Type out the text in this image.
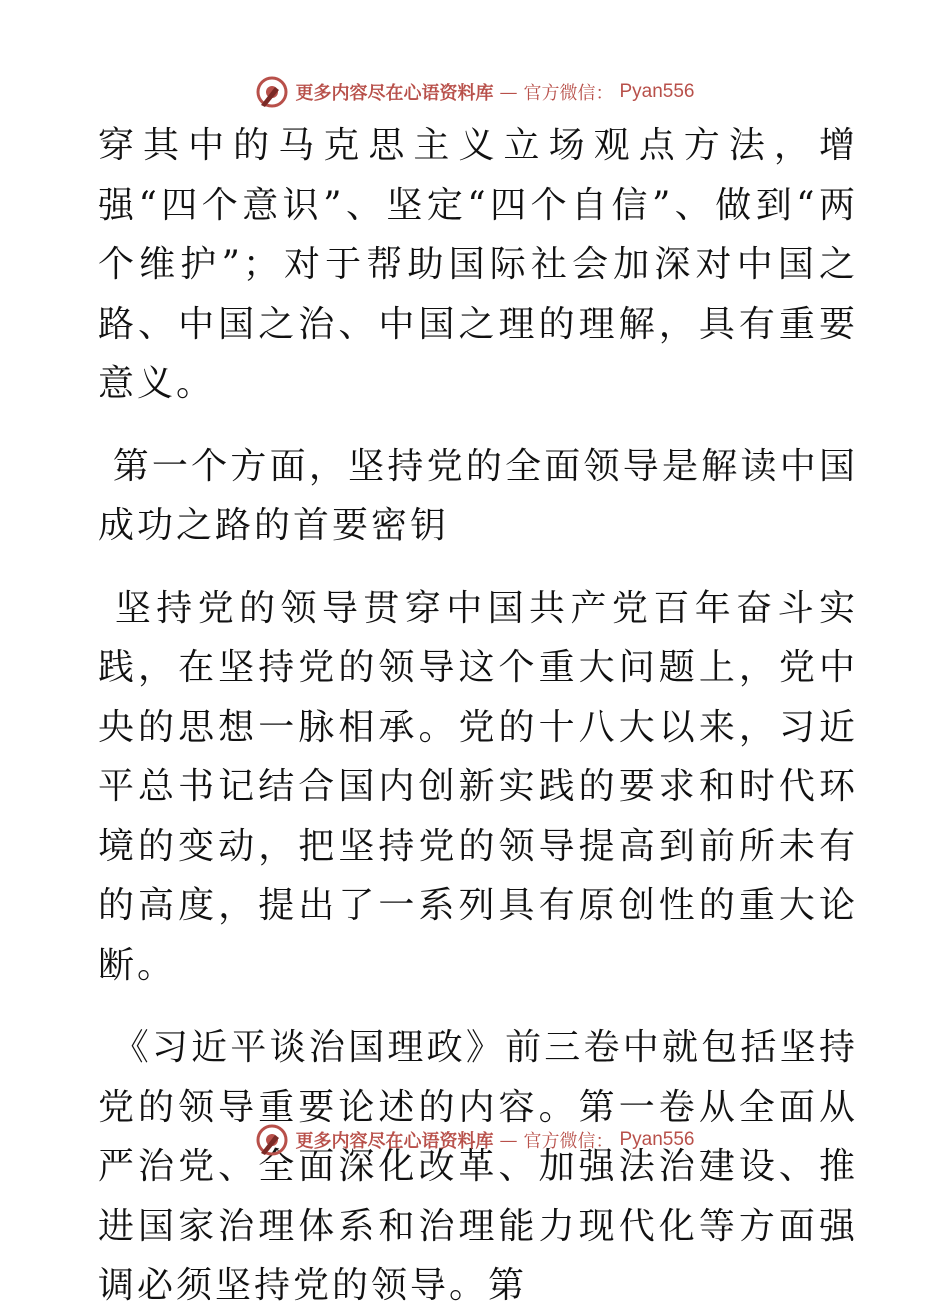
更多内容尽在心语资料库 — 官方微信： Pyan556

穿其中的马克思主义立场观点方法，增强“四个意识”、坚定“四个自信”、做到“两个维护”；对于帮助国际社会加深对中国之路、中国之治、中国之理的理解，具有重要意义。

第一个方面，坚持党的全面领导是解读中国成功之路的首要密钥

坚持党的领导贯穿中国共产党百年奋斗实践，在坚持党的领导这个重大问题上，党中央的思想一脉相承。党的十八大以来，习近平总书记结合国内创新实践的要求和时代环境的变动，把坚持党的领导提高到前所未有的高度，提出了一系列具有原创性的重大论断。

《习近平谈治国理政》前三卷中就包括坚持党的领导重要论述的内容。第一卷从全面从严治党、全面深化改革、加强法治建设、推进国家治理体系和治理能力现代化等方面强调必须坚持党的领导。第

更多内容尽在心语资料库 — 官方微信： Pyan556
